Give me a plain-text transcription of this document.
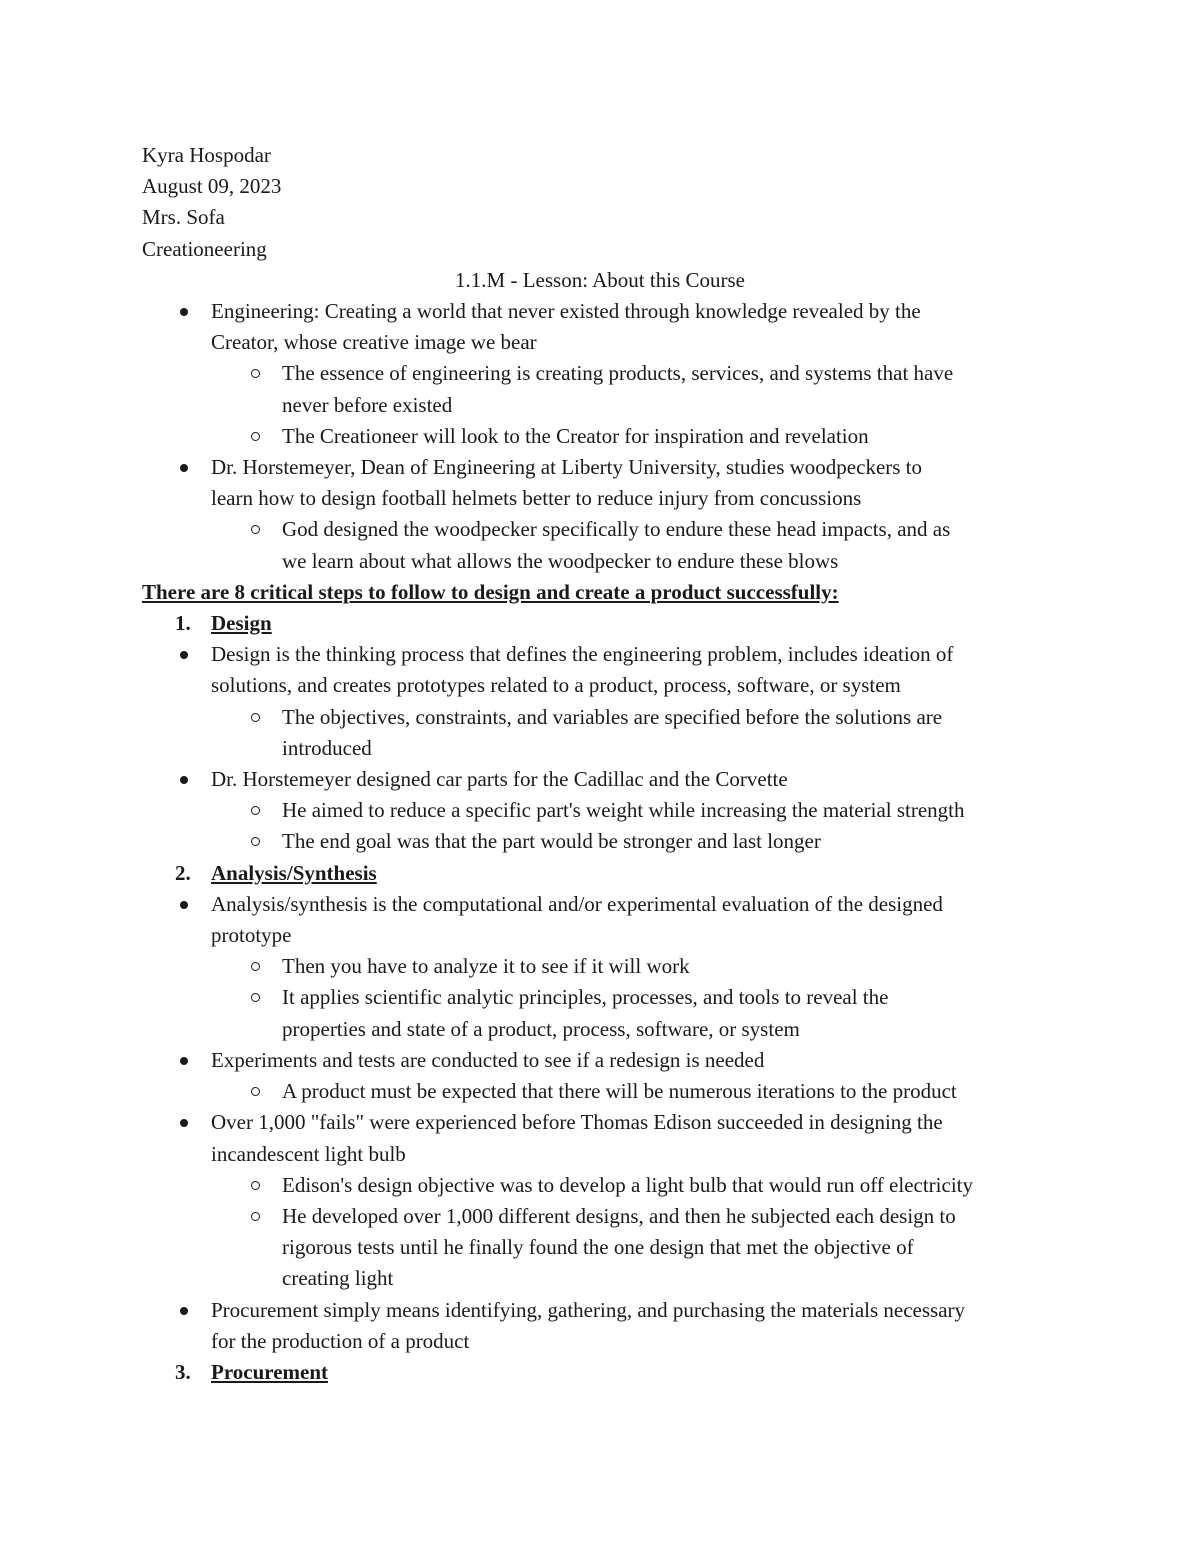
Kyra Hospodar
August 09, 2023
Mrs. Sofa
Creationeering
1.1.M - Lesson: About this Course
Engineering: Creating a world that never existed through knowledge revealed by the
Creator, whose creative image we bear
The essence of engineering is creating products, services, and systems that have
never before existed
The Creationeer will look to the Creator for inspiration and revelation
Dr. Horstemeyer, Dean of Engineering at Liberty University, studies woodpeckers to
learn how to design football helmets better to reduce injury from concussions
God designed the woodpecker specifically to endure these head impacts, and as
we learn about what allows the woodpecker to endure these blows
There are 8 critical steps to follow to design and create a product successfully:
1. Design
Design is the thinking process that defines the engineering problem, includes ideation of
solutions, and creates prototypes related to a product, process, software, or system
The objectives, constraints, and variables are specified before the solutions are
introduced
Dr. Horstemeyer designed car parts for the Cadillac and the Corvette
He aimed to reduce a specific part's weight while increasing the material strength
The end goal was that the part would be stronger and last longer
2. Analysis/Synthesis
Analysis/synthesis is the computational and/or experimental evaluation of the designed
prototype
Then you have to analyze it to see if it will work
It applies scientific analytic principles, processes, and tools to reveal the
properties and state of a product, process, software, or system
Experiments and tests are conducted to see if a redesign is needed
A product must be expected that there will be numerous iterations to the product
Over 1,000 "fails" were experienced before Thomas Edison succeeded in designing the
incandescent light bulb
Edison's design objective was to develop a light bulb that would run off electricity
He developed over 1,000 different designs, and then he subjected each design to
rigorous tests until he finally found the one design that met the objective of
creating light
Procurement simply means identifying, gathering, and purchasing the materials necessary
for the production of a product
3. Procurement
